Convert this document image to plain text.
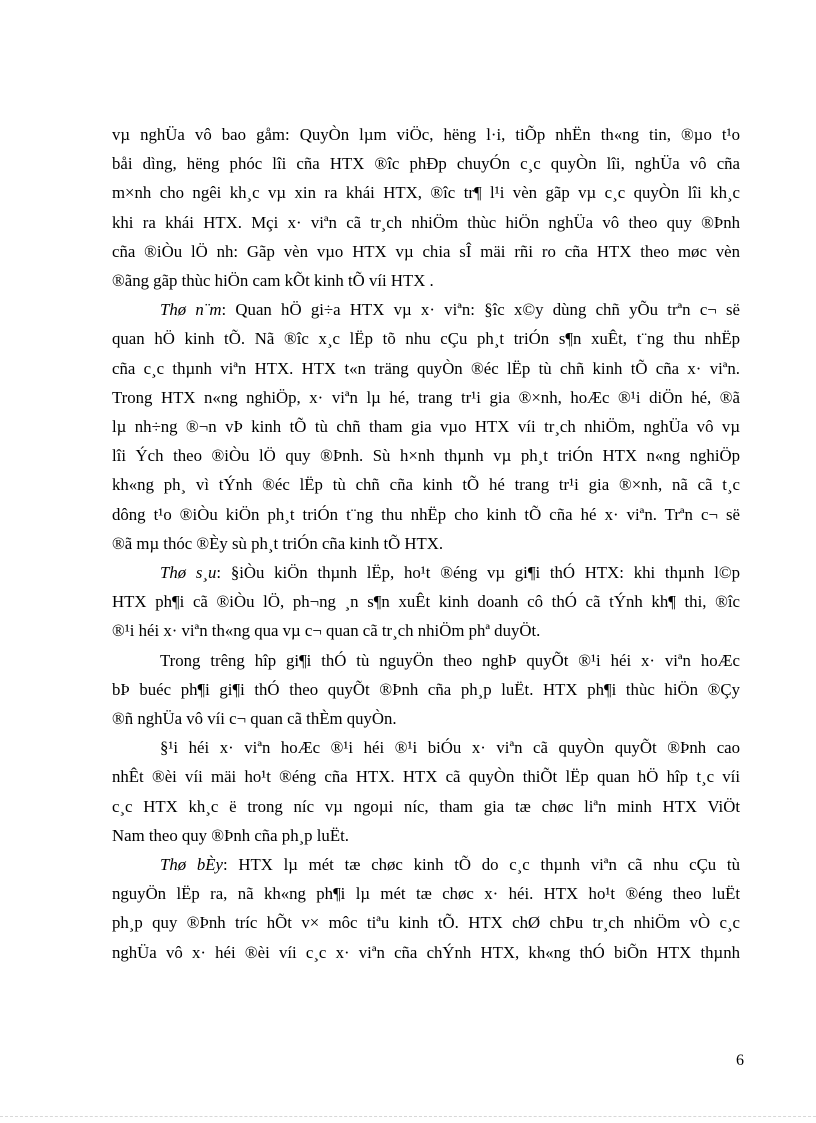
vµ nghÜa vô bao gåm: QuyÒn lµm viÖc, hëng l·i, tiÕp nhËn th«ng tin, ®µo t¹o
båi dìng, hëng phóc lîi cña HTX ®îc phÐp chuyÓn c¸c quyÒn lîi, nghÜa vô cña
m×nh cho ngêi kh¸c vµ xin ra khái HTX, ®îc tr¶ l¹i vèn gãp vµ c¸c quyÒn lîi kh¸c
khi ra khái HTX. Mçi x· viªn cã tr¸ch nhiÖm thùc hiÖn nghÜa vô theo quy ®Þnh
cña ®iÒu lÖ nh: Gãp vèn vµo HTX vµ chia sÎ mäi rñi ro cña HTX theo møc vèn
®ãng gãp thùc hiÖn cam kÕt kinh tÕ víi HTX .
Thø n¨m: Quan hÖ gi÷a HTX vµ x· viªn: §îc x©y dùng chñ yÕu trªn c¬ së
quan hÖ kinh tÕ. Nã ®îc x¸c lËp tõ nhu cÇu ph¸t triÓn s¶n xuÊt, t¨ng thu nhËp
cña c¸c thµnh viªn HTX. HTX t«n träng quyÒn ®éc lËp tù chñ kinh tÕ cña x· viªn.
Trong HTX n«ng nghiÖp, x· viªn lµ hé, trang tr¹i gia ®×nh, hoÆc ®¹i diÖn hé, ®ã
lµ nh÷ng ®¬n vÞ kinh tÕ tù chñ tham gia vµo HTX víi tr¸ch nhiÖm, nghÜa vô vµ
lîi Ých theo ®iÒu lÖ quy ®Þnh. Sù h×nh thµnh vµ ph¸t triÓn HTX n«ng nghiÖp
kh«ng ph¸ vì tÝnh ®éc lËp tù chñ cña kinh tÕ hé trang tr¹i gia ®×nh, nã cã t¸c
dông t¹o ®iÒu kiÖn ph¸t triÓn t¨ng thu nhËp cho kinh tÕ cña hé x· viªn. Trªn c¬ së
®ã mµ thóc ®Èy sù ph¸t triÓn cña kinh tÕ HTX.
Thø s¸u: §iÒu kiÖn thµnh lËp, ho¹t ®éng vµ gi¶i thÓ HTX: khi thµnh l©p
HTX ph¶i cã ®iÒu lÖ, ph¬ng ¸n s¶n xuÊt kinh doanh cô thÓ cã tÝnh kh¶ thi, ®îc
®¹i héi x· viªn th«ng qua vµ c¬ quan cã tr¸ch nhiÖm phª duyÖt.
Trong trêng hîp gi¶i thÓ tù nguyÖn theo nghÞ quyÕt ®¹i héi x· viªn hoÆc
bÞ buéc ph¶i gi¶i thÓ theo quyÕt ®Þnh cña ph¸p luËt. HTX ph¶i thùc hiÖn ®Çy
®ñ nghÜa vô víi c¬ quan cã thÈm quyÒn.
§¹i héi x· viªn hoÆc ®¹i héi ®¹i biÓu x· viªn cã quyÒn quyÕt ®Þnh cao
nhÊt ®èi víi mäi ho¹t ®éng cña HTX. HTX cã quyÒn thiÕt lËp quan hÖ hîp t¸c víi
c¸c HTX kh¸c ë trong níc vµ ngoµi níc, tham gia tæ chøc liªn minh HTX ViÖt
Nam theo quy ®Þnh cña ph¸p luËt.
Thø bÈy: HTX lµ mét tæ chøc kinh tÕ do c¸c thµnh viªn cã nhu cÇu tù
nguyÖn lËp ra, nã kh«ng ph¶i lµ mét tæ chøc x· héi. HTX ho¹t ®éng theo luËt
ph¸p quy ®Þnh tríc hÕt v× môc tiªu kinh tÕ. HTX chØ chÞu tr¸ch nhiÖm vÒ c¸c
nghÜa vô x· héi ®èi víi c¸c x· viªn cña chÝnh HTX, kh«ng thÓ biÕn HTX thµnh
6
